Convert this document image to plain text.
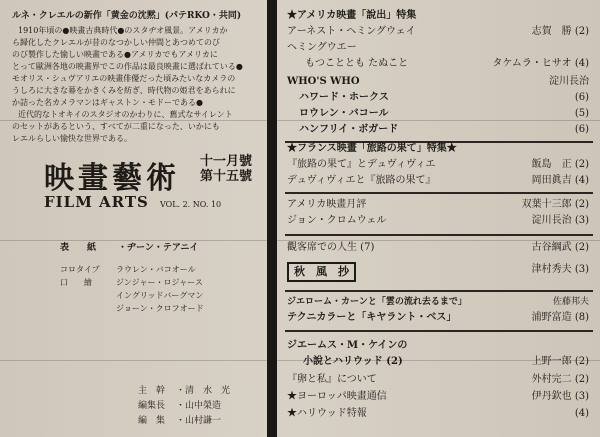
ルネ・クレエルの新作「黄金の沈黙」(パテRKO・共同)
1910年頃の●映畫古典時代●のスタヂオ風景。アメリカか
ら歸化したクレエルが昔のなつかしい仲間とあつめてのび
のび製作した愉しい映畫である●アメリカでもアメリカに
とって歐洲各地の映畫界でこの作品は最良映畫に選ばれている●
モオリス・シュヴアリエの映畫俳優だった頃みたいなカメラの
うしろに大きな幕をかきくみを紡ぎ、時代物の姫君をあられに
か詰った名カメラマンはギャストン・モドーである●
近代的なトオキイのスタジオのかわりに、舊式なサイレント
のセットがあるという、すべてが二重になった、いかにも
レエルらしい愉快な世界である。
映畫藝術 十一月號
第十五號
FILM ARTS VOL. 2. NO. 10
表　　紙 ・ヂーン・テアニイ
コロタイプ
口　　繪
ラウレン・バコオール
ジンジャー・ロジャース
イングリッドバーグマン
ジョーン・クロフオード
主　幹 ・清　水　光
編集長 ・山中榮造
編　集 ・山村謙一
★アメリカ映畫「說出」特集
アーネスト・ヘミングウェイ	志賀　勝 (2)
ヘミングウエー
もつこととも たぬこと	タケムラ・ヒサオ (4)
WHO'S WHO	淀川長治
ハワード・ホークス	(6)
ロウレン・バコール	(5)
ハンフリイ・ボガード	(6)
★フランス映畫「旅路の果て」特集★
『旅路の果て』とデュヴィヴィエ	飯島　正 (2)
デュヴィヴィエと『旅路の果て』	岡田眞吉 (4)
アメリカ映畫月評	双葉十三郎 (2)
ジョン・クロムウェル	淀川長治 (3)
觀客席での人生 (7)	古谷綱武 (2)
秋　風　抄	津村秀夫 (3)
ジエローム・カーンと「雲の流れ去るまで」	佐藤邦夫
テクニカラーと「キヤラント・ベス」	浦野富造 (8)
ジエームス・M・ケインの
小說とハリウッド (2)	上野一郎 (2)
『卵と私』について	外村完二 (2)
★ヨーロッパ映畫通信	伊丹欽也 (3)
★ハリウッド特報	(4)
